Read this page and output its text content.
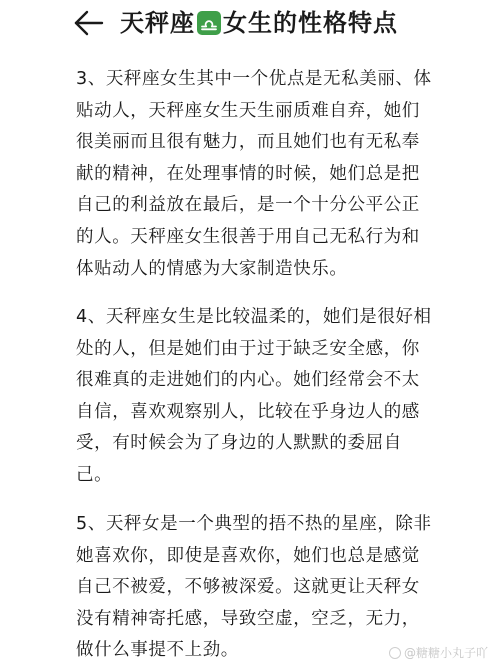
天秤座 女生的性格特点

3、天秤座女生其中一个优点是无私美丽、体贴动人，天秤座女生天生丽质难自弃，她们很美丽而且很有魅力，而且她们也有无私奉献的精神，在处理事情的时候，她们总是把自己的利益放在最后，是一个十分公平公正的人。天秤座女生很善于用自己无私行为和体贴动人的情感为大家制造快乐。

4、天秤座女生是比较温柔的，她们是很好相处的人，但是她们由于过于缺乏安全感，你很难真的走进她们的内心。她们经常会不太自信，喜欢观察别人，比较在乎身边人的感受，有时候会为了身边的人默默的委屈自己。

5、天秤女是一个典型的捂不热的星座，除非她喜欢你，即使是喜欢你，她们也总是感觉自己不被爱，不够被深爱。这就更让天秤女没有精神寄托感，导致空虚，空乏，无力，做什么事提不上劲。	@糖糖小丸子吖
